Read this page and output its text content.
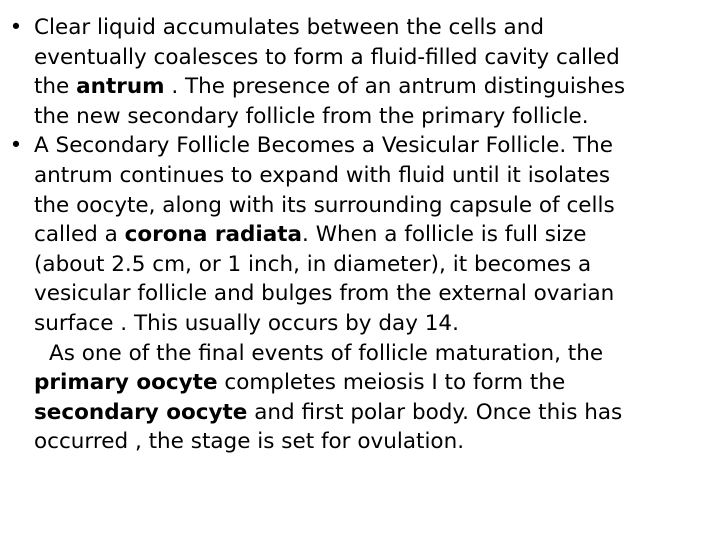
• Clear liquid accumulates between the cells and
eventually coalesces to form a fluid-filled cavity called
the antrum . The presence of an antrum distinguishes
the new secondary follicle from the primary follicle.
• A Secondary Follicle Becomes a Vesicular Follicle. The
antrum continues to expand with fluid until it isolates
the oocyte, along with its surrounding capsule of cells
called a corona radiata. When a follicle is full size
(about 2.5 cm, or 1 inch, in diameter), it becomes a
vesicular follicle and bulges from the external ovarian
surface . This usually occurs by day 14.
As one of the final events of follicle maturation, the
primary oocyte completes meiosis I to form the
secondary oocyte and first polar body. Once this has
occurred , the stage is set for ovulation.
